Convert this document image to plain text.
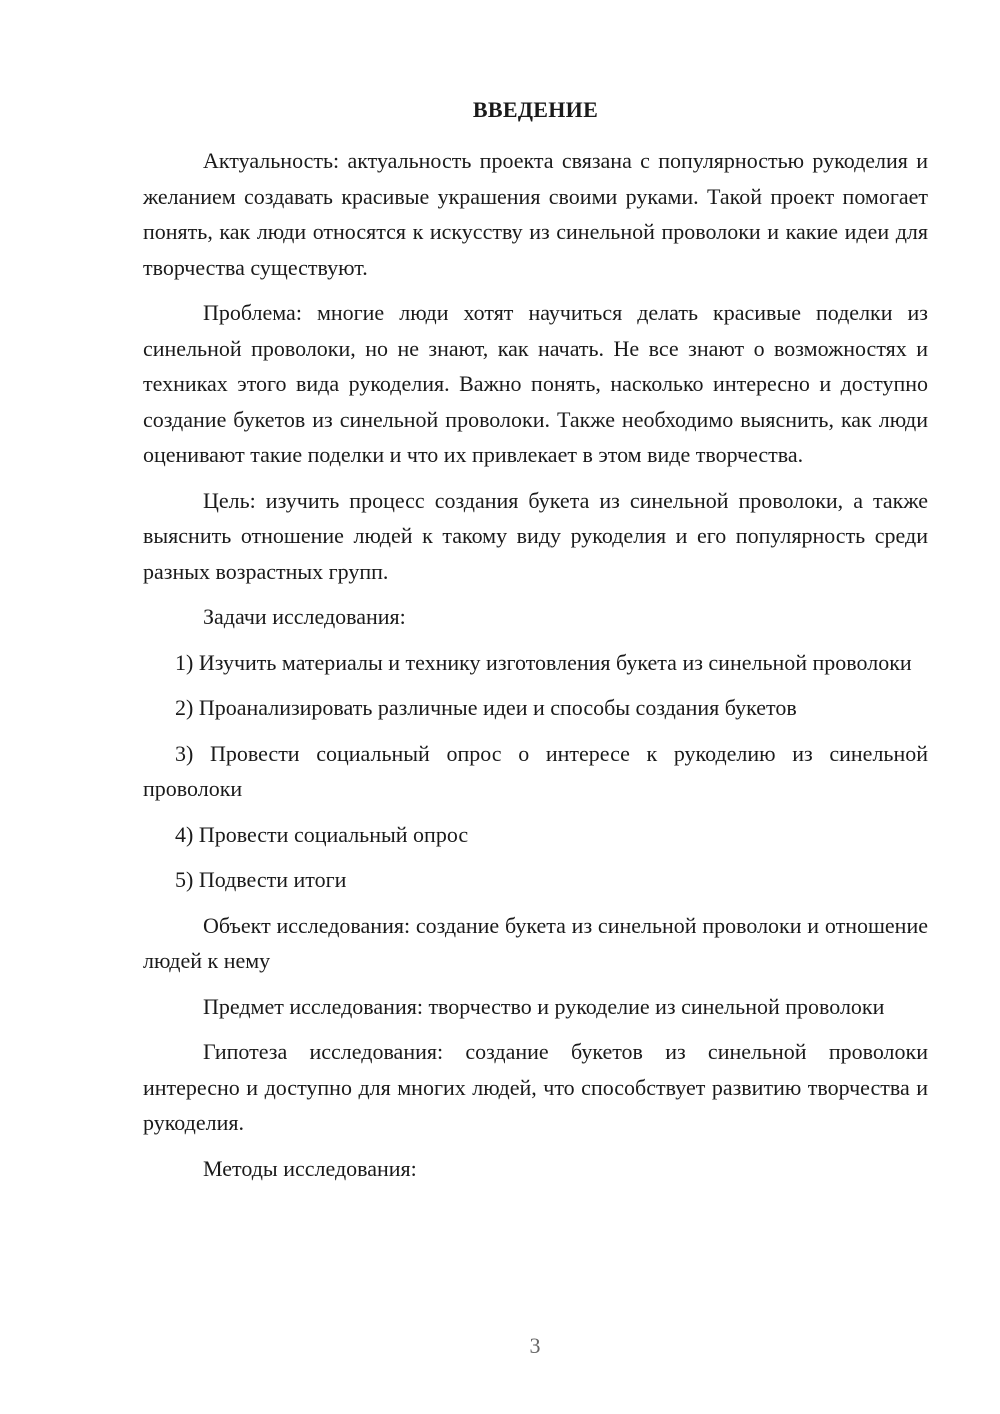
ВВЕДЕНИЕ

Актуальность: актуальность проекта связана с популярностью рукоделия и желанием создавать красивые украшения своими руками. Такой проект помогает понять, как люди относятся к искусству из синельной проволоки и какие идеи для творчества существуют.

Проблема: многие люди хотят научиться делать красивые поделки из синельной проволоки, но не знают, как начать. Не все знают о возможностях и техниках этого вида рукоделия. Важно понять, насколько интересно и доступно создание букетов из синельной проволоки. Также необходимо выяснить, как люди оценивают такие поделки и что их привлекает в этом виде творчества.

Цель: изучить процесс создания букета из синельной проволоки, а также выяснить отношение людей к такому виду рукоделия и его популярность среди разных возрастных групп.

Задачи исследования:

1) Изучить материалы и технику изготовления букета из синельной проволоки

2) Проанализировать различные идеи и способы создания букетов

3) Провести социальный опрос о интересе к рукоделию из синельной проволоки

4) Провести социальный опрос

5) Подвести итоги

Объект исследования: создание букета из синельной проволоки и отношение людей к нему

Предмет исследования: творчество и рукоделие из синельной проволоки

Гипотеза исследования: создание букетов из синельной проволоки интересно и доступно для многих людей, что способствует развитию творчества и рукоделия.

Методы исследования:

3
